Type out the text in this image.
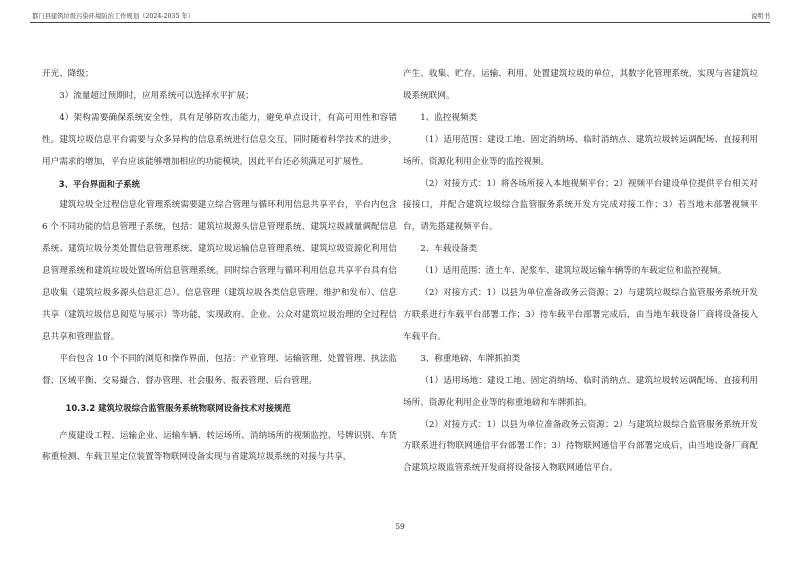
都门县建筑垃圾污染环境防治工作规划（2024-2035 年）	说明书

开光、降级；

3）流量超过预期时，应用系统可以选择水平扩展；

4）架构需要确保系统安全性，具有足够防攻击能力，避免单点设计，有高可用性和容错性。建筑垃圾信息平台需要与众多异构的信息系统进行信息交互，同时随着科学技术的进步，用户需求的增加，平台应该能够增加相应的功能模块，因此平台还必须满足可扩展性。

3、平台界面和子系统

建筑垃圾全过程信息化管理系统需要建立综合管理与循环利用信息共享平台，平台内包含 6 个不同功能的信息管理子系统，包括：建筑垃圾源头信息管理系统、建筑垃圾减量调配信息系统、建筑垃圾分类处置信息管理系统、建筑垃圾运输信息管理系统、建筑垃圾资源化利用信息管理系统和建筑垃圾处置场所信息管理系统。同时综合管理与循环利用信息共享平台具有信息收集（建筑垃圾多源头信息汇总）、信息管理（建筑垃圾各类信息管理、维护和发布）、信息共享（建筑垃圾信息阅览与展示）等功能，实现政府、企业、公众对建筑垃圾治理的全过程信息共享和管理监督。

平台包含 10 个不同的浏览和操作界面，包括：产业管理、运输管理、处置管理、执法监督、区域平衡、交易撮合、督办管理、社会服务、报表管理、后台管理。

10.3.2 建筑垃圾综合监管服务系统物联网设备技术对接规范

产废建设工程、运输企业、运输车辆、转运场所、消纳场所的视频监控、号牌识别、车货称重检测、车载卫星定位装置等物联网设备实现与省建筑垃圾系统的对接与共享，

产生、收集、贮存、运输、利用、处置建筑垃圾的单位，其数字化管理系统，实现与省建筑垃圾系统联网。

1、监控视频类

（1）适用范围：建设工地、固定消纳场、临时消纳点、建筑垃圾转运调配场、直接利用场所、资源化利用企业等的监控视频。

（2）对接方式：1）将各场所接入本地视频平台；2）视频平台建设单位提供平台相关对接接口，并配合建筑垃圾综合监管服务系统开发方完成对接工作；3）若当地未部署视频平台，请先搭建视频平台。

2、车载设备类

（1）适用范围：渣土车、泥浆车、建筑垃圾运输车辆等的车载定位和监控视频。

（2）对接方式：1）以县为单位准备政务云资源；2）与建筑垃圾综合监管服务系统开发方联系进行车载平台部署工作；3）待车载平台部署完成后，由当地车载设备厂商将设备接入车载平台。

3、称重地磅、车牌抓拍类

（1）适用场地：建设工地、固定消纳场、临时消纳点、建筑垃圾转运调配场、直接利用场所、资源化利用企业等的称重地磅和车牌抓拍。

（2）对接方式：1）以县为单位准备政务云资源；2）与建筑垃圾综合监管服务系统开发方联系进行物联网通信平台部署工作；3）待物联网通信平台部署完成后，由当地设备厂商配合建筑垃圾监管系统开发商将设备接入物联网通信平台。

59
